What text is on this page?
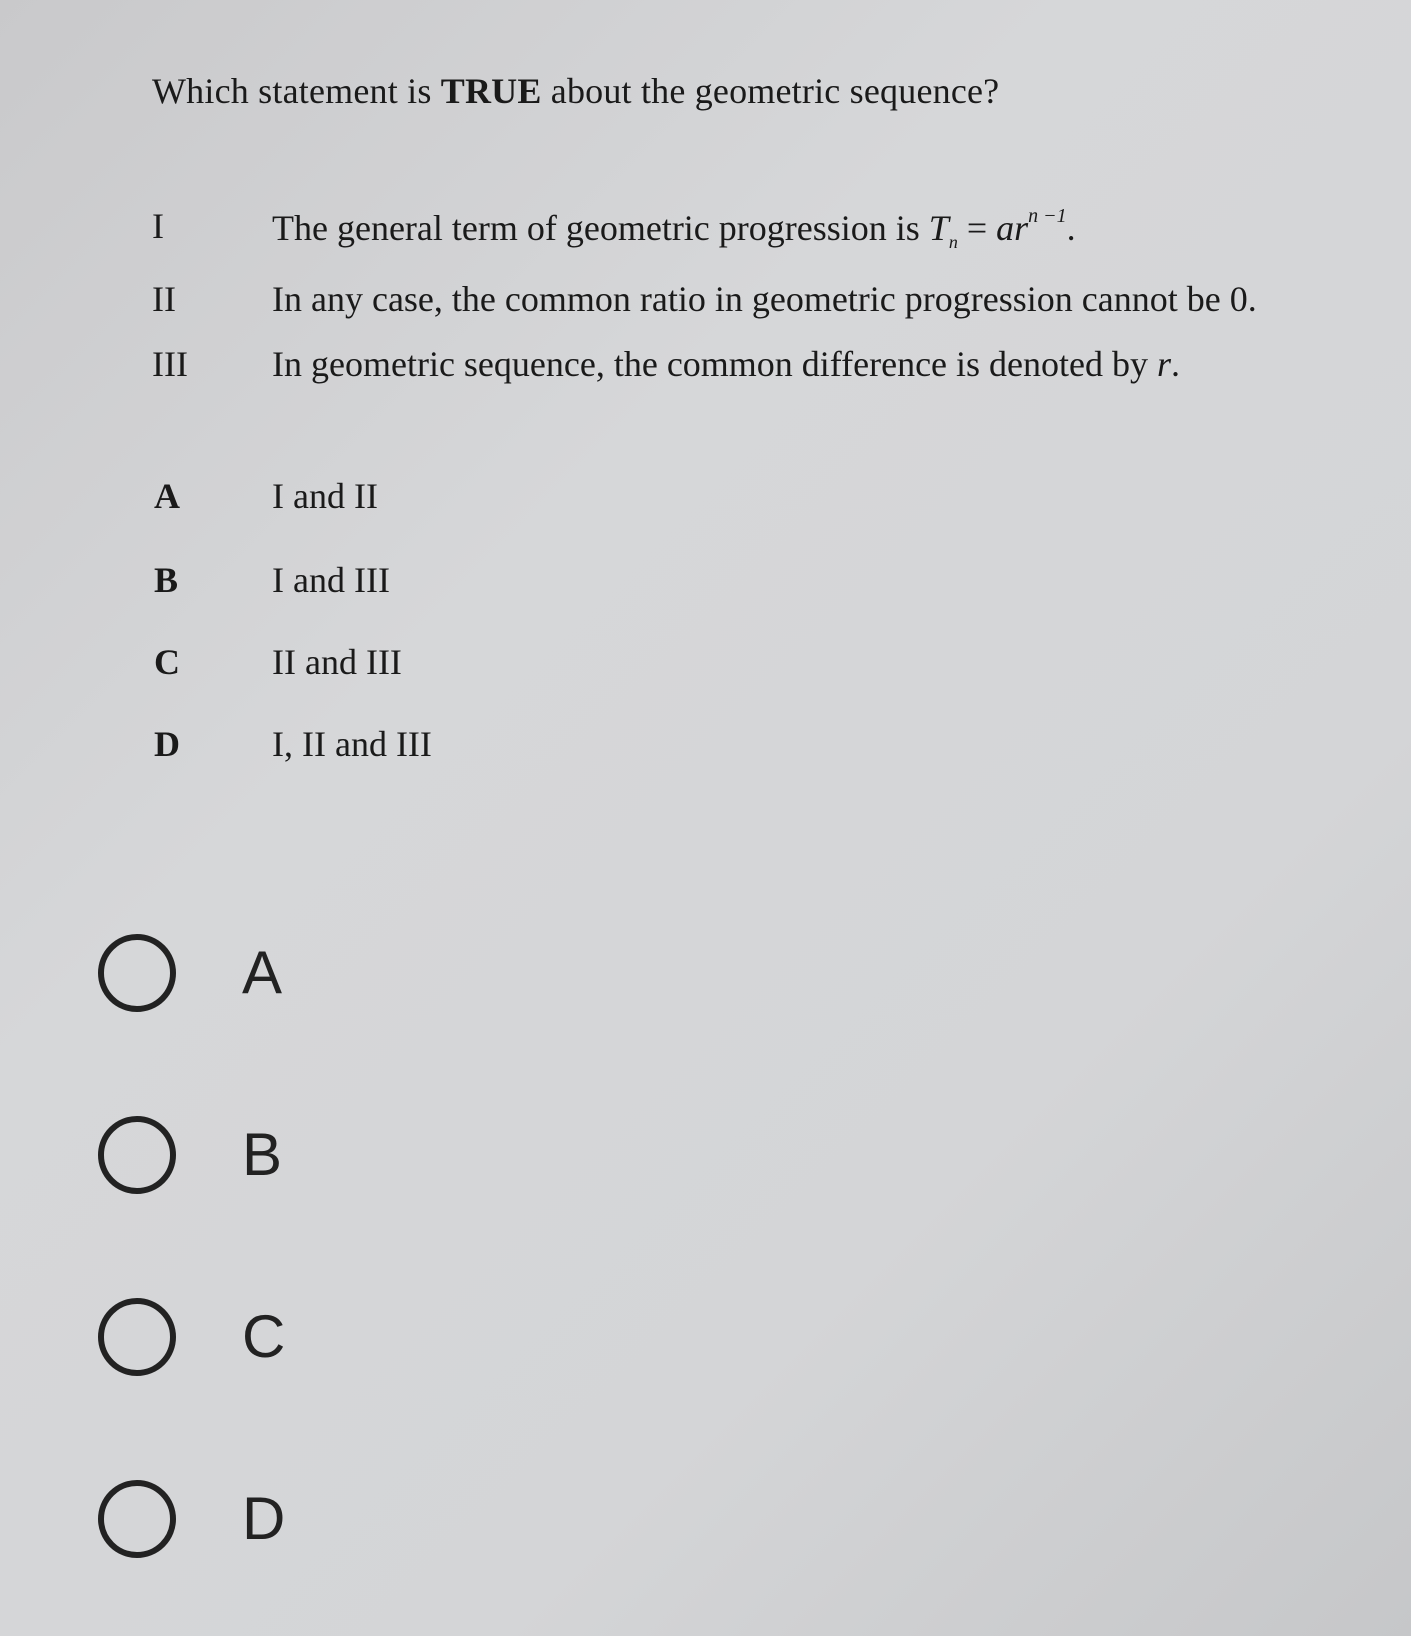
Which statement is TRUE about the geometric sequence?

I	The general term of geometric progression is $T_n = ar^{n -1}$.
II	In any case, the common ratio in geometric progression cannot be 0.
III In geometric sequence, the common difference is denoted by r.
A	I and II
B	I and III
C	II and III
D	I, II and III
A
B
C
D
